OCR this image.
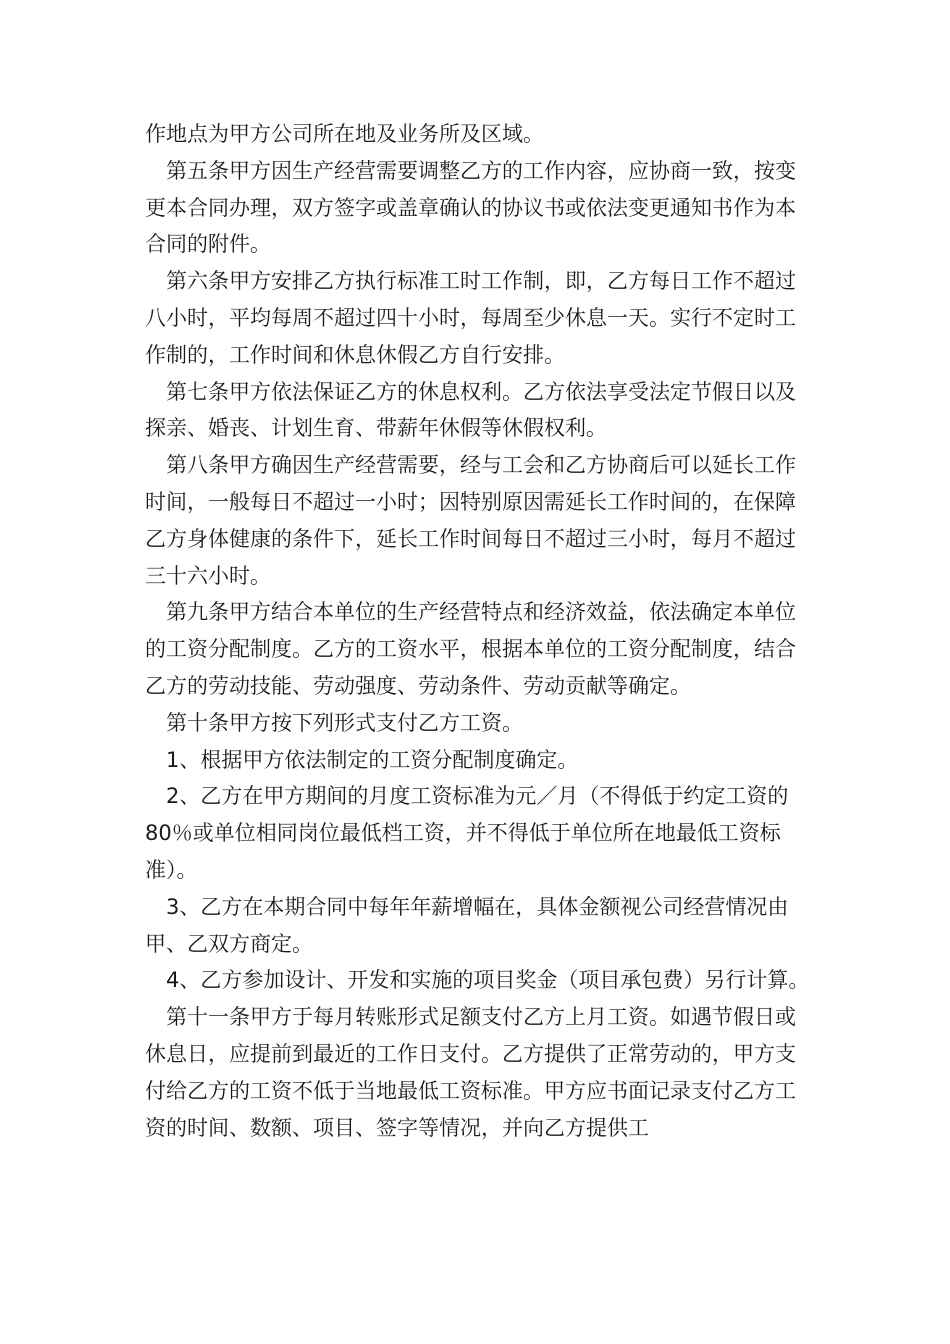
作地点为甲方公司所在地及业务所及区域。

第五条甲方因生产经营需要调整乙方的工作内容，应协商一致，按变更本合同办理，双方签字或盖章确认的协议书或依法变更通知书作为本合同的附件。

第六条甲方安排乙方执行标准工时工作制，即，乙方每日工作不超过八小时，平均每周不超过四十小时，每周至少休息一天。实行不定时工作制的，工作时间和休息休假乙方自行安排。

第七条甲方依法保证乙方的休息权利。乙方依法享受法定节假日以及探亲、婚丧、计划生育、带薪年休假等休假权利。

第八条甲方确因生产经营需要，经与工会和乙方协商后可以延长工作时间，一般每日不超过一小时；因特别原因需延长工作时间的，在保障乙方身体健康的条件下，延长工作时间每日不超过三小时，每月不超过三十六小时。

第九条甲方结合本单位的生产经营特点和经济效益，依法确定本单位的工资分配制度。乙方的工资水平，根据本单位的工资分配制度，结合乙方的劳动技能、劳动强度、劳动条件、劳动贡献等确定。

第十条甲方按下列形式支付乙方工资。

1、根据甲方依法制定的工资分配制度确定。

2、乙方在甲方期间的月度工资标准为元／月（不得低于约定工资的80％或单位相同岗位最低档工资，并不得低于单位所在地最低工资标准）。

3、乙方在本期合同中每年年薪增幅在，具体金额视公司经营情况由甲、乙双方商定。

4、乙方参加设计、开发和实施的项目奖金（项目承包费）另行计算。

第十一条甲方于每月转账形式足额支付乙方上月工资。如遇节假日或休息日，应提前到最近的工作日支付。乙方提供了正常劳动的，甲方支付给乙方的工资不低于当地最低工资标准。甲方应书面记录支付乙方工资的时间、数额、项目、签字等情况，并向乙方提供工
